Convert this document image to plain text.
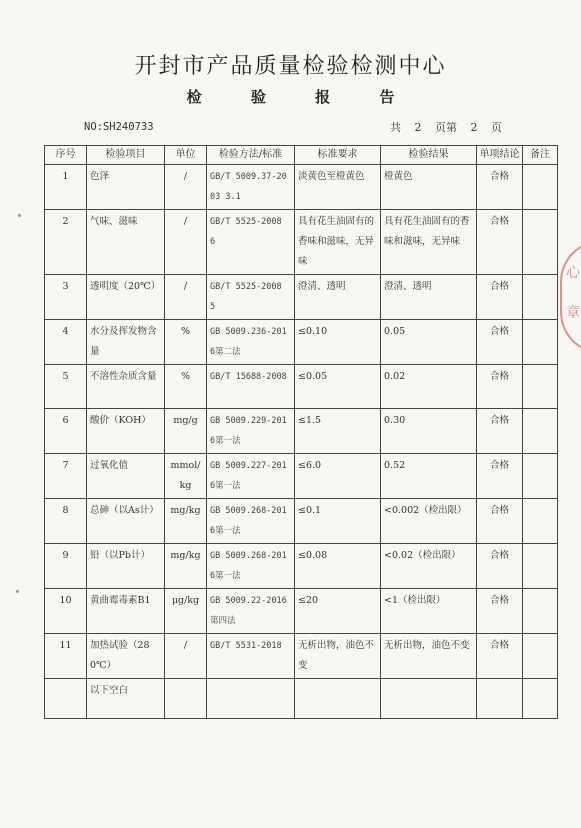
开封市产品质量检验检测中心
检 验 报 告
NO:SH240733	共 2 页第 2 页
序号	检验项目	单位	检验方法/标准	标准要求	检验结果	单项结论	备注
1	色泽	/	GB/T 5009.37-2003 3.1	淡黄色至橙黄色	橙黄色	合格	
2	气味、滋味	/	GB/T 5525-2008 6	具有花生油固有的香味和滋味，无异味	具有花生油固有的香味和滋味，无异味	合格	
3	透明度（20℃）	/	GB/T 5525-2008 5	澄清、透明	澄清、透明	合格	
4	水分及挥发物含量	%	GB 5009.236-2016第二法	≤0.10	0.05	合格	
5	不溶性杂质含量	%	GB/T 15688-2008	≤0.05	0.02	合格	
6	酸价（KOH）	mg/g	GB 5009.229-2016第一法	≤1.5	0.30	合格	
7	过氧化值	mmol/kg	GB 5009.227-2016第一法	≤6.0	0.52	合格	
8	总砷（以As计）	mg/kg	GB 5009.268-2016第一法	≤0.1	<0.002（检出限）	合格	
9	铅（以Pb计）	mg/kg	GB 5009.268-2016第一法	≤0.08	<0.02（检出限）	合格	
10	黄曲霉毒素B1	μg/kg	GB 5009.22-2016第四法	≤20	<1（检出限）	合格	
11	加热试验（280℃）	/	GB/T 5531-2018	无析出物，油色不变	无析出物，油色不变	合格	
	以下空白						
心
章
